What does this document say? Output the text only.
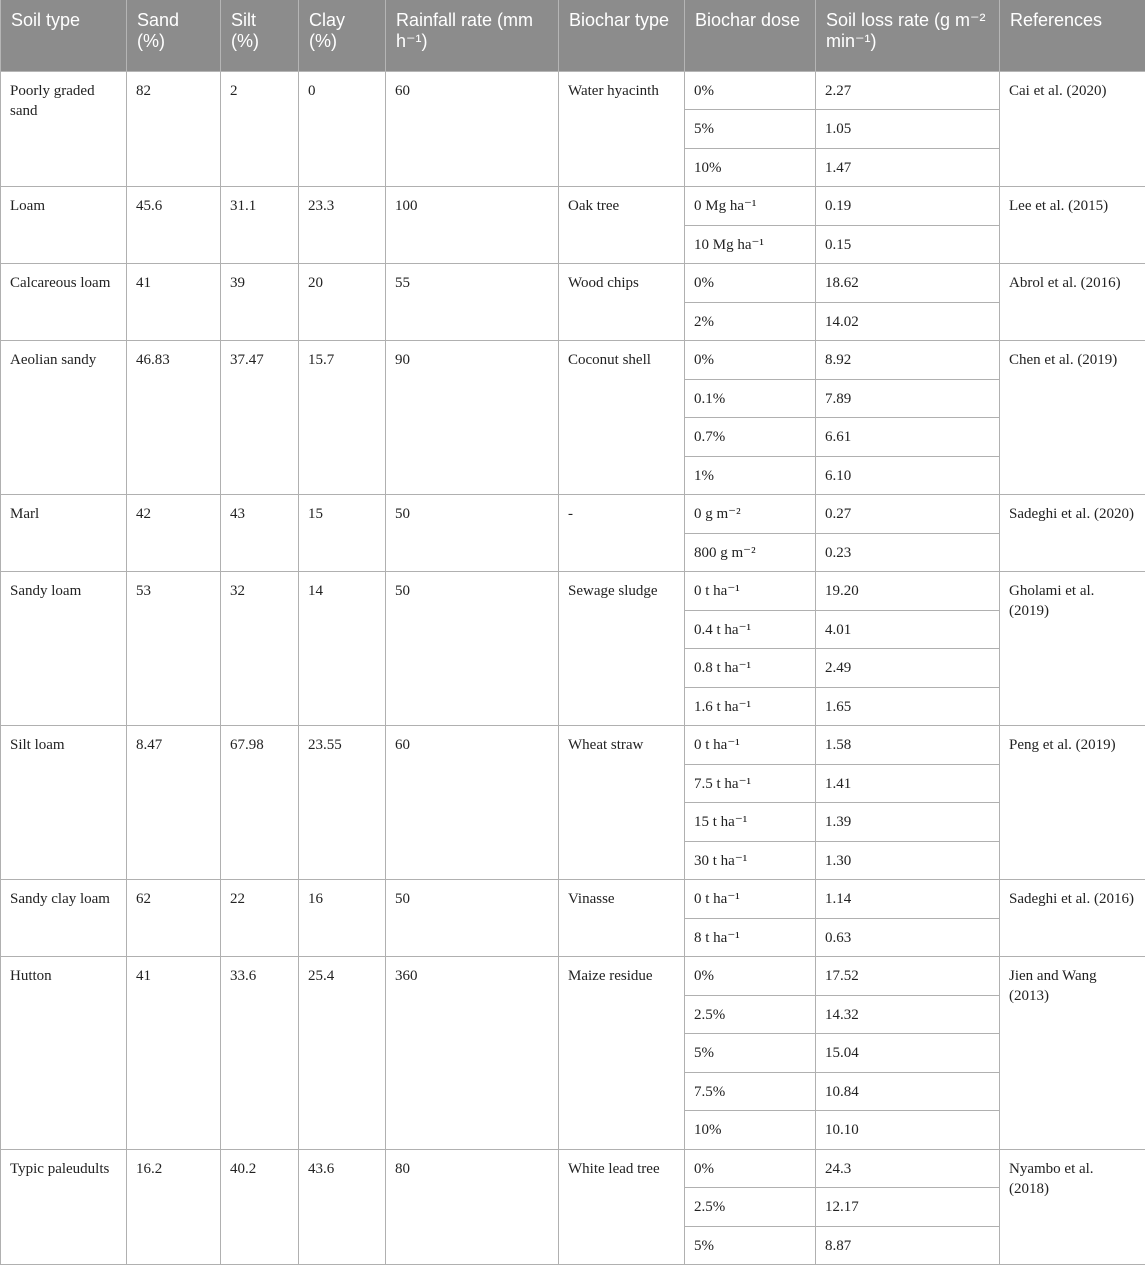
Soil type	Sand (%)	Silt (%)	Clay (%)	Rainfall rate (mm h⁻¹)	Biochar type	Biochar dose	Soil loss rate (g m⁻² min⁻¹)	References
Poorly graded sand	82	2	0	60	Water hyacinth	0%	2.27	Cai et al. (2020)
						5%	1.05	
						10%	1.47	
Loam	45.6	31.1	23.3	100	Oak tree	0 Mg ha⁻¹	0.19	Lee et al. (2015)
						10 Mg ha⁻¹	0.15	
Calcareous loam	41	39	20	55	Wood chips	0%	18.62	Abrol et al. (2016)
						2%	14.02	
Aeolian sandy	46.83	37.47	15.7	90	Coconut shell	0%	8.92	Chen et al. (2019)
						0.1%	7.89	
						0.7%	6.61	
						1%	6.10	
Marl	42	43	15	50	-	0 g m⁻²	0.27	Sadeghi et al. (2020)
						800 g m⁻²	0.23	
Sandy loam	53	32	14	50	Sewage sludge	0 t ha⁻¹	19.20	Gholami et al. (2019)
						0.4 t ha⁻¹	4.01	
						0.8 t ha⁻¹	2.49	
						1.6 t ha⁻¹	1.65	
Silt loam	8.47	67.98	23.55	60	Wheat straw	0 t ha⁻¹	1.58	Peng et al. (2019)
						7.5 t ha⁻¹	1.41	
						15 t ha⁻¹	1.39	
						30 t ha⁻¹	1.30	
Sandy clay loam	62	22	16	50	Vinasse	0 t ha⁻¹	1.14	Sadeghi et al. (2016)
						8 t ha⁻¹	0.63	
Hutton	41	33.6	25.4	360	Maize residue	0%	17.52	Jien and Wang (2013)
						2.5%	14.32	
						5%	15.04	
						7.5%	10.84	
						10%	10.10	
Typic paleudults	16.2	40.2	43.6	80	White lead tree	0%	24.3	Nyambo et al. (2018)
						2.5%	12.17	
						5%	8.87	
